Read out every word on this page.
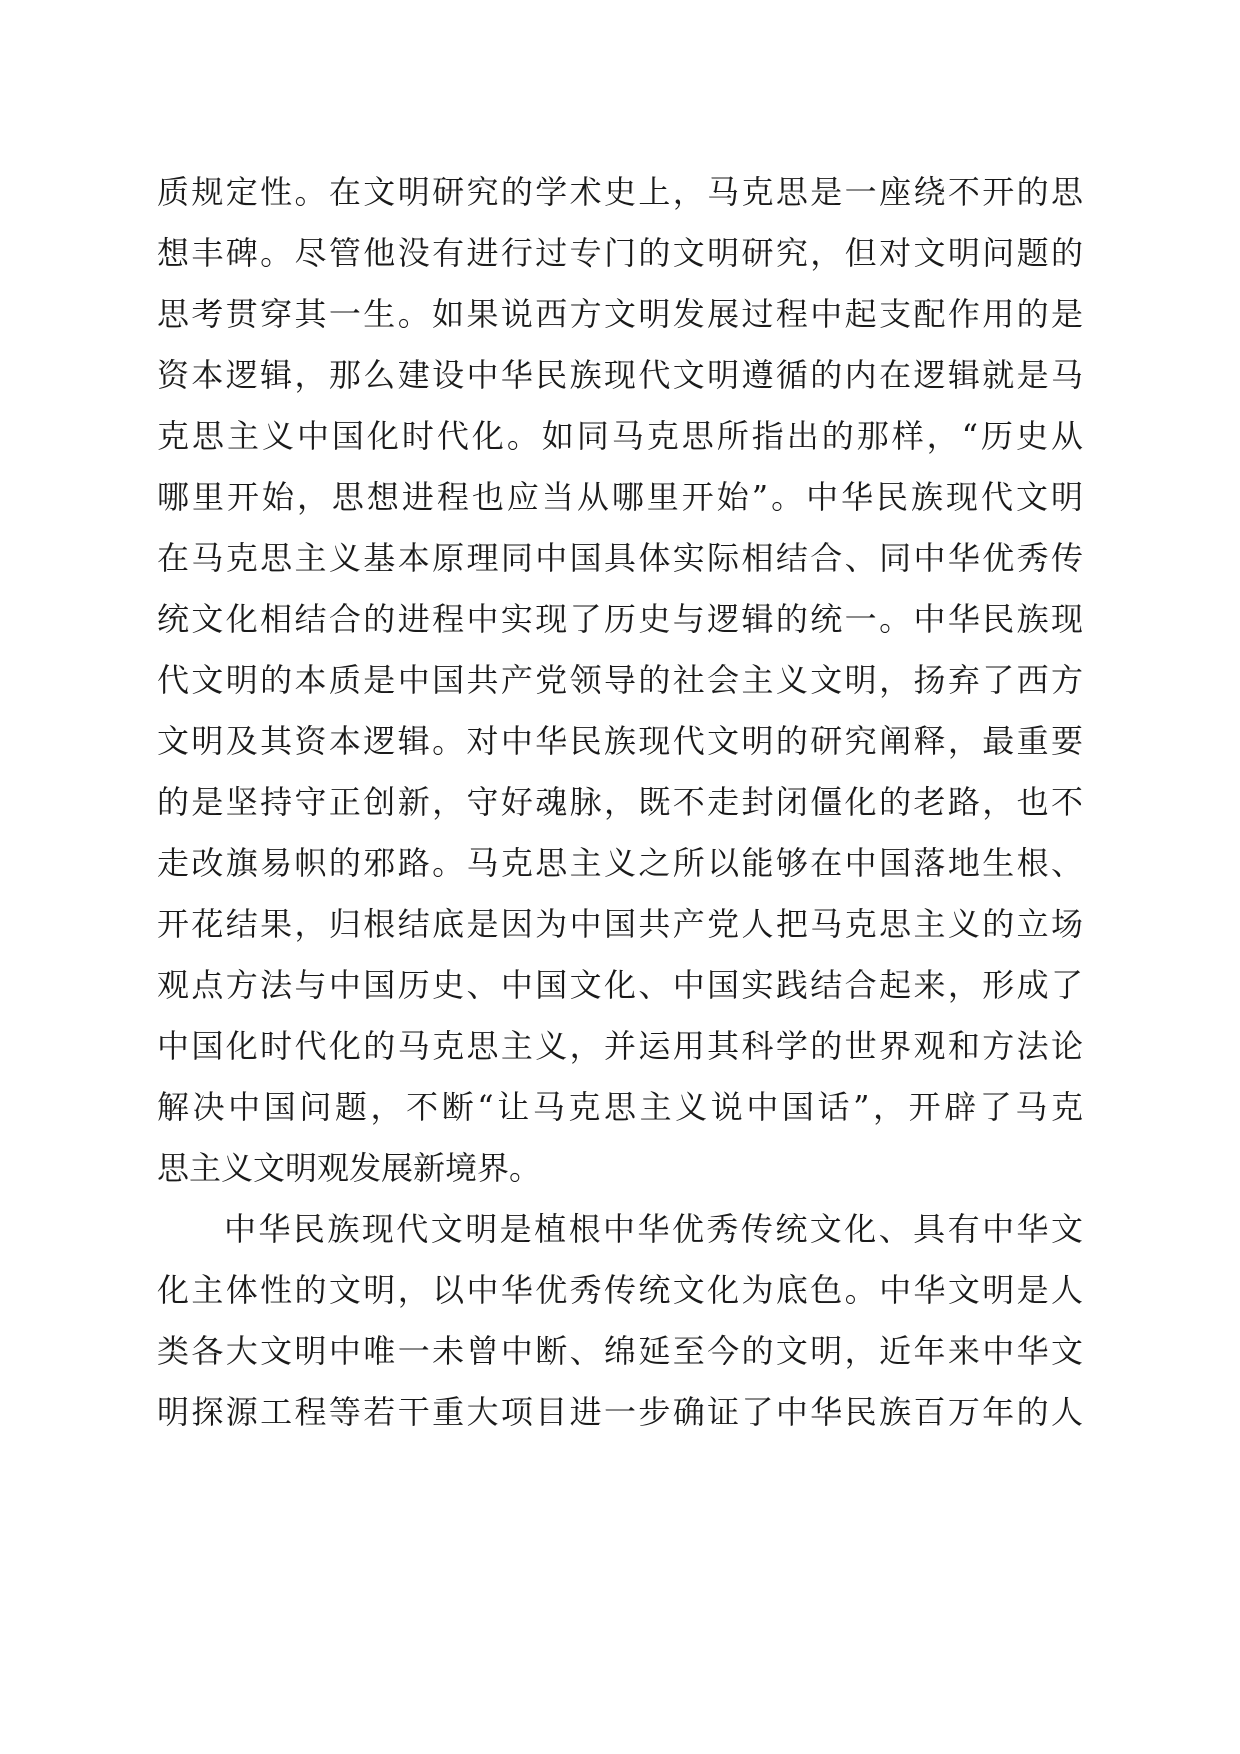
质规定性。在文明研究的学术史上，马克思是一座绕不开的思
想丰碑。尽管他没有进行过专门的文明研究，但对文明问题的
思考贯穿其一生。如果说西方文明发展过程中起支配作用的是
资本逻辑，那么建设中华民族现代文明遵循的内在逻辑就是马
克思主义中国化时代化。如同马克思所指出的那样，“历史从
哪里开始，思想进程也应当从哪里开始”。中华民族现代文明
在马克思主义基本原理同中国具体实际相结合、同中华优秀传
统文化相结合的进程中实现了历史与逻辑的统一。中华民族现
代文明的本质是中国共产党领导的社会主义文明，扬弃了西方
文明及其资本逻辑。对中华民族现代文明的研究阐释，最重要
的是坚持守正创新，守好魂脉，既不走封闭僵化的老路，也不
走改旗易帜的邪路。马克思主义之所以能够在中国落地生根、
开花结果，归根结底是因为中国共产党人把马克思主义的立场
观点方法与中国历史、中国文化、中国实践结合起来，形成了
中国化时代化的马克思主义，并运用其科学的世界观和方法论
解决中国问题，不断“让马克思主义说中国话”，开辟了马克
思主义文明观发展新境界。
中华民族现代文明是植根中华优秀传统文化、具有中华文
化主体性的文明，以中华优秀传统文化为底色。中华文明是人
类各大文明中唯一未曾中断、绵延至今的文明，近年来中华文
明探源工程等若干重大项目进一步确证了中华民族百万年的人
